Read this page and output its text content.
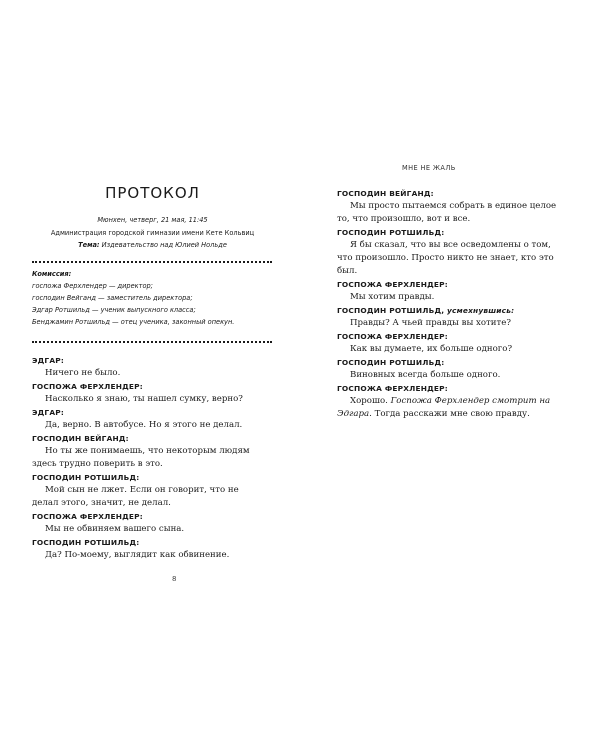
ПРОТОКОЛ
Мюнхен, четверг, 21 мая, 11:45
Администрация городской гимназии имени Кете Кольвиц
Тема: Издевательство над Юлией Нольде
Комиссия:
госпожа Ферхлендер — директор;
господин Вейганд — заместитель директора;
Эдгар Ротшильд — ученик выпускного класса;
Бенджамин Ротшильд — отец ученика, законный опекун.
ЭДГАР:
Ничего не было.
ГОСПОЖА ФЕРХЛЕНДЕР:
Насколько я знаю, ты нашел сумку, верно?
ЭДГАР:
Да, верно. В автобусе. Но я этого не делал.
ГОСПОДИН ВЕЙГАНД:
Но ты же понимаешь, что некоторым людям
здесь трудно поверить в это.
ГОСПОДИН РОТШИЛЬД:
Мой сын не лжет. Если он говорит, что не
делал этого, значит, не делал.
ГОСПОЖА ФЕРХЛЕНДЕР:
Мы не обвиняем вашего сына.
ГОСПОДИН РОТШИЛЬД:
Да? По-моему, выглядит как обвинение.
8
МНЕ НЕ ЖАЛЬ
ГОСПОДИН ВЕЙГАНД:
Мы просто пытаемся собрать в единое целое
то, что произошло, вот и все.
ГОСПОДИН РОТШИЛЬД:
Я бы сказал, что вы все осведомлены о том,
что произошло. Просто никто не знает, кто это
был.
ГОСПОЖА ФЕРХЛЕНДЕР:
Мы хотим правды.
ГОСПОДИН РОТШИЛЬД, усмехнувшись:
Правды? А чьей правды вы хотите?
ГОСПОЖА ФЕРХЛЕНДЕР:
Как вы думаете, их больше одного?
ГОСПОДИН РОТШИЛЬД:
Виновных всегда больше одного.
ГОСПОЖА ФЕРХЛЕНДЕР:
Хорошо. Госпожа Ферхлендер смотрит на
Эдгара. Тогда расскажи мне свою правду.
